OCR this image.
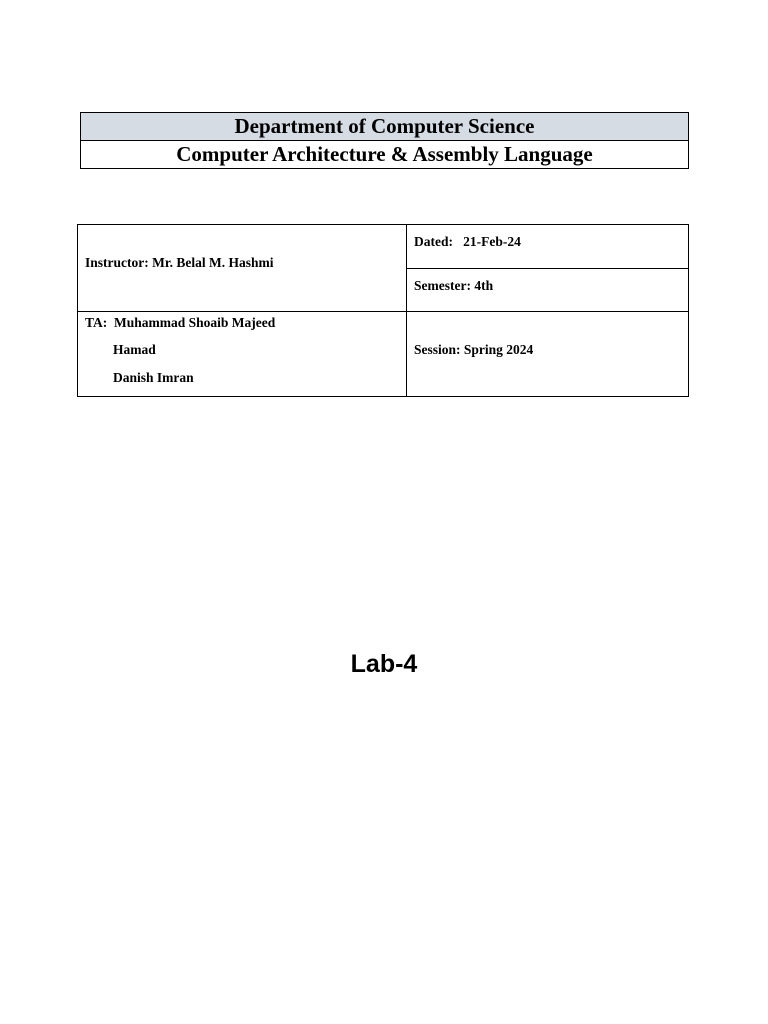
Department of Computer Science
Computer Architecture & Assembly Language
Instructor: Mr. Belal M. Hashmi
Dated: 21-Feb-24
Semester: 4th
TA: Muhammad Shoaib Majeed
Hamad
Danish Imran
Session: Spring 2024
Lab-4
